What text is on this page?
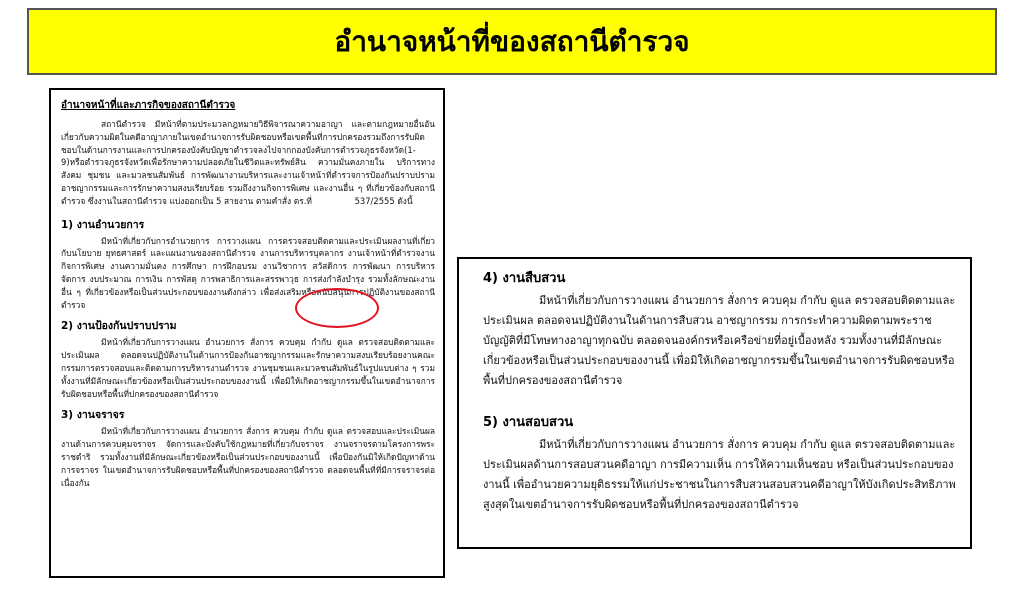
อำนาจหน้าที่ของสถานีตำรวจ
อำนาจหน้าที่และภารกิจของสถานีตำรวจ

สถานีตำรวจ มีหน้าที่ตามประมวลกฎหมายวิธีพิจารณาความอาญา และตามกฎหมายอื่นอันเกี่ยวกับความผิดในคดีอาญาภายในเขตอำนาจการรับผิดชอบหรือเขตพื้นที่การปกครองรวมถึงการรับผิดชอบในด้านการงานและการปกครองบังคับบัญชาตำรวจลงไปจากกองบังคับการตำรวจภูธรจังหวัด(1-9)หรือตำรวจภูธรจังหวัดเพื่อรักษาความปลอดภัยในชีวิตและทรัพย์สิน ความมั่นคงภายใน บริการทางสังคม ชุมชน และมวลชนสัมพันธ์ การพัฒนางานบริหารและงานเจ้าหน้าที่ตำรวจการป้องกันปราบปรามอาชญากรรมและการรักษาความสงบเรียบร้อย รวมถึงงานกิจการพิเศษ และงานอื่น ๆ ที่เกี่ยวข้องกับสถานีตำรวจ ซึ่งงานในสถานีตำรวจ แบ่งออกเป็น 5 สายงาน ตามคำสั่ง ตร.ที่	537/2555 ดังนี้

1) งานอำนวยการ

มีหน้าที่เกี่ยวกับการอำนวยการ การวางแผน การตรวจสอบติดตามและประเมินผลงานที่เกี่ยวกับนโยบาย ยุทธศาสตร์ และแผนงานของสถานีตำรวจ งานการบริหารบุคลากร งานเจ้าหน้าที่ตำรวจงานกิจการพิเศษ งานความมั่นคง การศึกษา การฝึกอบรม งานวิชาการ สวัสดิการ การพัฒนา การบริหารจัดการ งบประมาณ การเงิน การพัสดุ การพลาธิการและสรรพาวุธ การส่งกำลังบำรุง รวมทั้งลักษณะงานอื่น ๆ ที่เกี่ยวข้องหรือเป็นส่วนประกอบของงานดังกล่าว เพื่อส่งเสริมหรือสนับสนุนการปฏิบัติงานของสถานีตำรวจ

2) งานป้องกันปราบปราม

มีหน้าที่เกี่ยวกับการวางแผน อำนวยการ สั่งการ ควบคุม กำกับ ดูแล ตรวจสอบติดตามและประเมินผล ตลอดจนปฏิบัติงานในด้านการป้องกันอาชญากรรมและรักษาความสงบเรียบร้อยงานคณะกรรมการตรวจสอบและติดตามการบริหารงานตำรวจ งานชุมชนและมวลชนสัมพันธ์ในรูปแบบต่าง ๆ รวมทั้งงานที่มีลักษณะเกี่ยวข้องหรือเป็นส่วนประกอบของงานนี้ เพื่อมิให้เกิดอาชญากรรมขึ้นในเขตอำนาจการรับผิดชอบหรือพื้นที่ปกครองของสถานีตำรวจ

3) งานจราจร

มีหน้าที่เกี่ยวกับการวางแผน อำนวยการ สั่งการ ควบคุม กำกับ ดูแล ตรวจสอบและประเมินผลงานด้านการควบคุมจราจร จัดการและบังคับใช้กฎหมายที่เกี่ยวกับจราจร งานจราจรตามโครงการพระราชดำริ รวมทั้งงานที่มีลักษณะเกี่ยวข้องหรือเป็นส่วนประกอบของงานนี้ เพื่อป้องกันมิให้เกิดปัญหาด้านการจราจร ในเขตอำนาจการรับผิดชอบหรือพื้นที่ปกครองของสถานีตำรวจ ตลอดจนพื้นที่ที่มีการจราจรต่อเนื่องกัน

4) งานสืบสวน

มีหน้าที่เกี่ยวกับการวางแผน อำนวยการ สั่งการ ควบคุม กำกับ ดูแล ตรวจสอบติดตามและประเมินผล ตลอดจนปฏิบัติงานในด้านการสืบสวน อาชญากรรม การกระทำความผิดตามพระราชบัญญัติที่มีโทษทางอาญาทุกฉบับ ตลอดจนองค์กรหรือเครือข่ายที่อยู่เบื้องหลัง รวมทั้งงานที่มีลักษณะเกี่ยวข้องหรือเป็นส่วนประกอบของงานนี้ เพื่อมิให้เกิดอาชญากรรมขึ้นในเขตอำนาจการรับผิดชอบหรือพื้นที่ปกครองของสถานีตำรวจ

5) งานสอบสวน

มีหน้าที่เกี่ยวกับการวางแผน อำนวยการ สั่งการ ควบคุม กำกับ ดูแล ตรวจสอบติดตามและประเมินผลด้านการสอบสวนคดีอาญา การมีความเห็น การให้ความเห็นชอบ หรือเป็นส่วนประกอบของงานนี้ เพื่ออำนวยความยุติธรรมให้แก่ประชาชนในการสืบสวนสอบสวนคดีอาญาให้บังเกิดประสิทธิภาพสูงสุดในเขตอำนาจการรับผิดชอบหรือพื้นที่ปกครองของสถานีตำรวจ
